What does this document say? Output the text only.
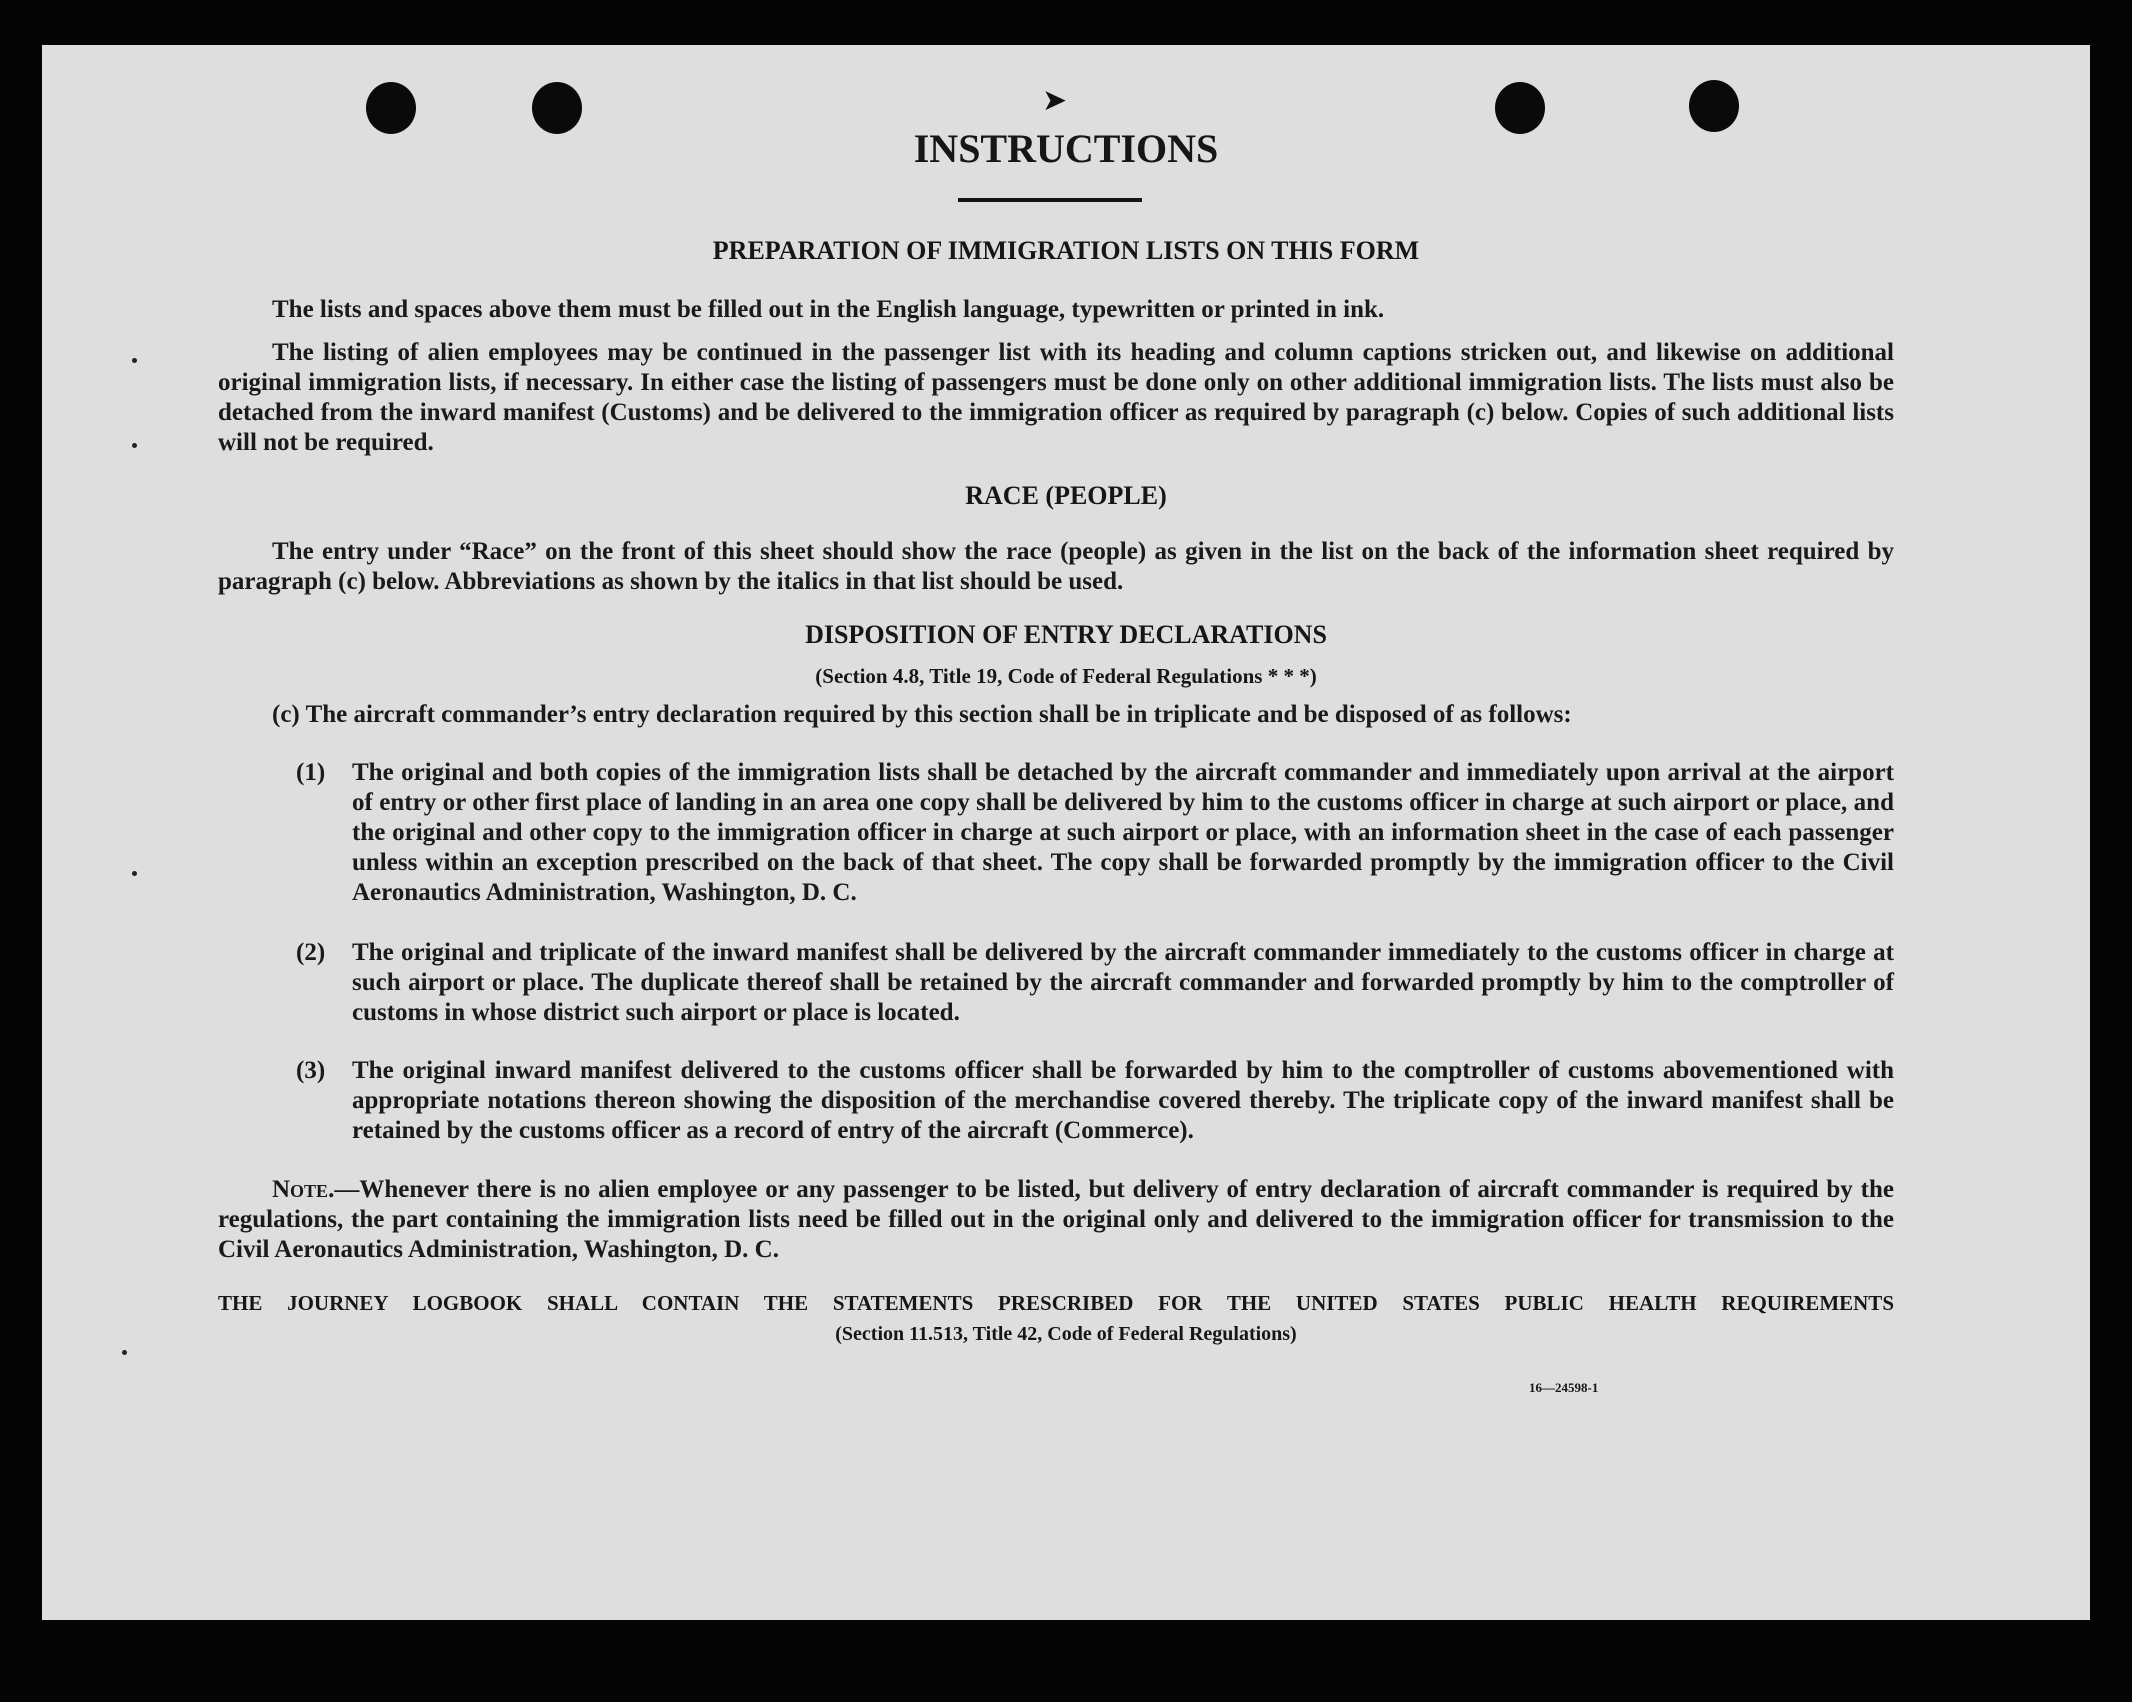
➤
INSTRUCTIONS
PREPARATION OF IMMIGRATION LISTS ON THIS FORM
The lists and spaces above them must be filled out in the English language, typewritten or printed in ink.
The listing of alien employees may be continued in the passenger list with its heading and column captions stricken out, and likewise on additional original immigration lists, if necessary. In either case the listing of passengers must be done only on other additional immigration lists. The lists must also be detached from the inward manifest (Customs) and be delivered to the immigration officer as required by paragraph (c) below. Copies of such additional lists will not be required.
RACE (PEOPLE)
The entry under “Race” on the front of this sheet should show the race (people) as given in the list on the back of the information sheet required by paragraph (c) below. Abbreviations as shown by the italics in that list should be used.
DISPOSITION OF ENTRY DECLARATIONS
(Section 4.8, Title 19, Code of Federal Regulations * * *)
(c) The aircraft commander’s entry declaration required by this section shall be in triplicate and be disposed of as follows:
(1) The original and both copies of the immigration lists shall be detached by the aircraft commander and immediately upon arrival at the airport of entry or other first place of landing in an area one copy shall be delivered by him to the customs officer in charge at such airport or place, and the original and other copy to the immigration officer in charge at such airport or place, with an information sheet in the case of each passenger unless within an exception prescribed on the back of that sheet. The copy shall be forwarded promptly by the immigration officer to the Civil Aeronautics Administration, Washington, D. C.
(2) The original and triplicate of the inward manifest shall be delivered by the aircraft commander immediately to the customs officer in charge at such airport or place. The duplicate thereof shall be retained by the aircraft commander and forwarded promptly by him to the comptroller of customs in whose district such airport or place is located.
(3) The original inward manifest delivered to the customs officer shall be forwarded by him to the comptroller of customs abovementioned with appropriate notations thereon showing the disposition of the merchandise covered thereby. The triplicate copy of the inward manifest shall be retained by the customs officer as a record of entry of the aircraft (Commerce).
Note.—Whenever there is no alien employee or any passenger to be listed, but delivery of entry declaration of aircraft commander is required by the regulations, the part containing the immigration lists need be filled out in the original only and delivered to the immigration officer for transmission to the Civil Aeronautics Administration, Washington, D. C.
THE JOURNEY LOGBOOK SHALL CONTAIN THE STATEMENTS PRESCRIBED FOR THE UNITED STATES PUBLIC HEALTH REQUIREMENTS
(Section 11.513, Title 42, Code of Federal Regulations)
16—24598-1
